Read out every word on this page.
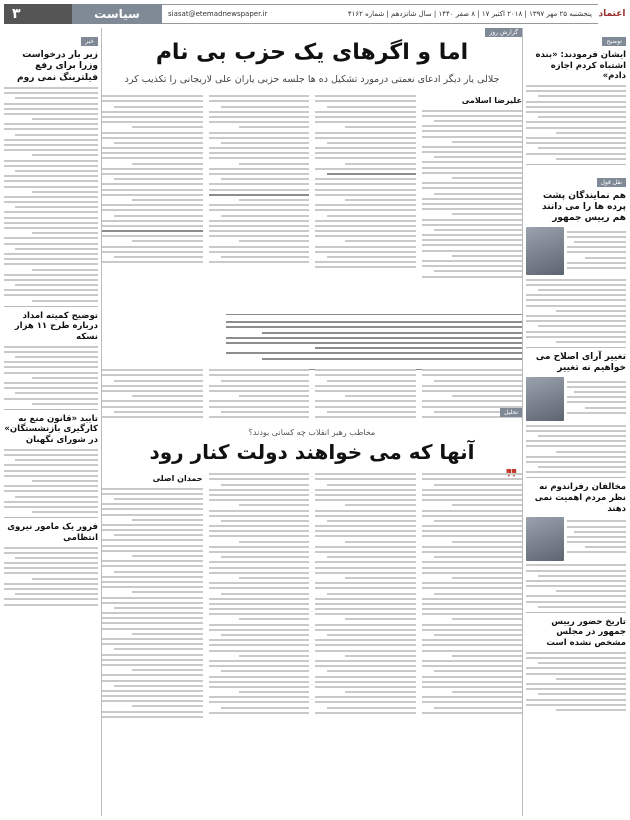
۳	سیاست	siasat@etemadnewspaper.ir	پنجشنبه ۲۵ مهر ۱۳۹۷ | ۲۰۱۸ اکتبر ۱۷ | ۸ صفر ۱۴۴۰ | سال شانزدهم | شماره ۴۱۶۲ اعتماد
توضیح
ایشان فرمودند: «بنده اشتباه کردم اجازه دادم»
نقل قول
هم نمایندگان پشت پرده ها را می دانند هم رییس جمهور
تغییر آرای اصلاح می خواهیم نه تغییر
مخالفان رفراندوم نه نظر مردم اهمیت نمی دهند
تاریخ حضور رییس جمهور در مجلس مشخص نشده است
گزارش روز
اما و اگرهای یک حزب بی نام
جلالی یار دیگر ادعای نعمتی درمورد تشکیل ده ها جلسه حزبی یاران علی لاریجانی را تکذیب کرد
علیرضا اسلامی
تحلیل
مخاطب رهبر انقلاب چه کسانی بودند؟
آنها که می خواهند دولت کنار رود
حمدان اصلی
خبر
زیر بار درخواست وزرا برای رفع فیلترینگ نمی روم
توضیح کمیته امداد درباره طرح ۱۱ هزار نسکه
تایید «قانون منع به کارگیری بازنشستگان» در شورای نگهبان
فرور یک مامور نیروی انتظامی
